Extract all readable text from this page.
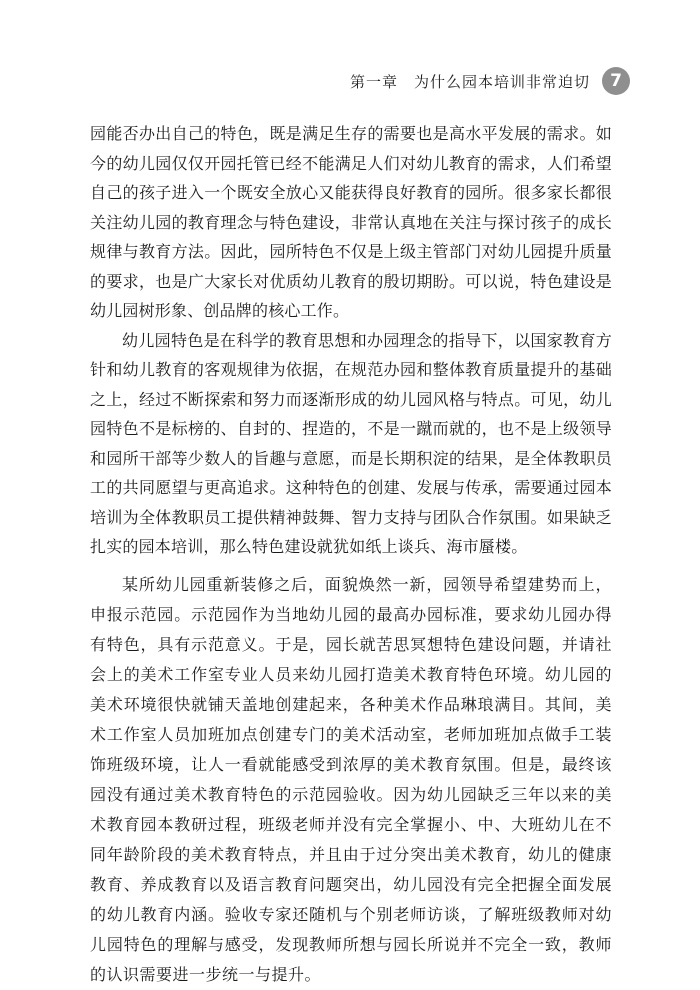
第一章　为什么园本培训非常迫切	7

园能否办出自己的特色，既是满足生存的需要也是高水平发展的需求。如今的幼儿园仅仅开园托管已经不能满足人们对幼儿教育的需求，人们希望自己的孩子进入一个既安全放心又能获得良好教育的园所。很多家长都很关注幼儿园的教育理念与特色建设，非常认真地在关注与探讨孩子的成长规律与教育方法。因此，园所特色不仅是上级主管部门对幼儿园提升质量的要求，也是广大家长对优质幼儿教育的殷切期盼。可以说，特色建设是幼儿园树形象、创品牌的核心工作。

幼儿园特色是在科学的教育思想和办园理念的指导下，以国家教育方针和幼儿教育的客观规律为依据，在规范办园和整体教育质量提升的基础之上，经过不断探索和努力而逐渐形成的幼儿园风格与特点。可见，幼儿园特色不是标榜的、自封的、捏造的，不是一蹴而就的，也不是上级领导和园所干部等少数人的旨趣与意愿，而是长期积淀的结果，是全体教职员工的共同愿望与更高追求。这种特色的创建、发展与传承，需要通过园本培训为全体教职员工提供精神鼓舞、智力支持与团队合作氛围。如果缺乏扎实的园本培训，那么特色建设就犹如纸上谈兵、海市蜃楼。

某所幼儿园重新装修之后，面貌焕然一新，园领导希望建势而上，申报示范园。示范园作为当地幼儿园的最高办园标准，要求幼儿园办得有特色，具有示范意义。于是，园长就苦思冥想特色建设问题，并请社会上的美术工作室专业人员来幼儿园打造美术教育特色环境。幼儿园的美术环境很快就铺天盖地创建起来，各种美术作品琳琅满目。其间，美术工作室人员加班加点创建专门的美术活动室，老师加班加点做手工装饰班级环境，让人一看就能感受到浓厚的美术教育氛围。但是，最终该园没有通过美术教育特色的示范园验收。因为幼儿园缺乏三年以来的美术教育园本教研过程，班级老师并没有完全掌握小、中、大班幼儿在不同年龄阶段的美术教育特点，并且由于过分突出美术教育，幼儿的健康教育、养成教育以及语言教育问题突出，幼儿园没有完全把握全面发展的幼儿教育内涵。验收专家还随机与个别老师访谈，了解班级教师对幼儿园特色的理解与感受，发现教师所想与园长所说并不完全一致，教师的认识需要进一步统一与提升。
